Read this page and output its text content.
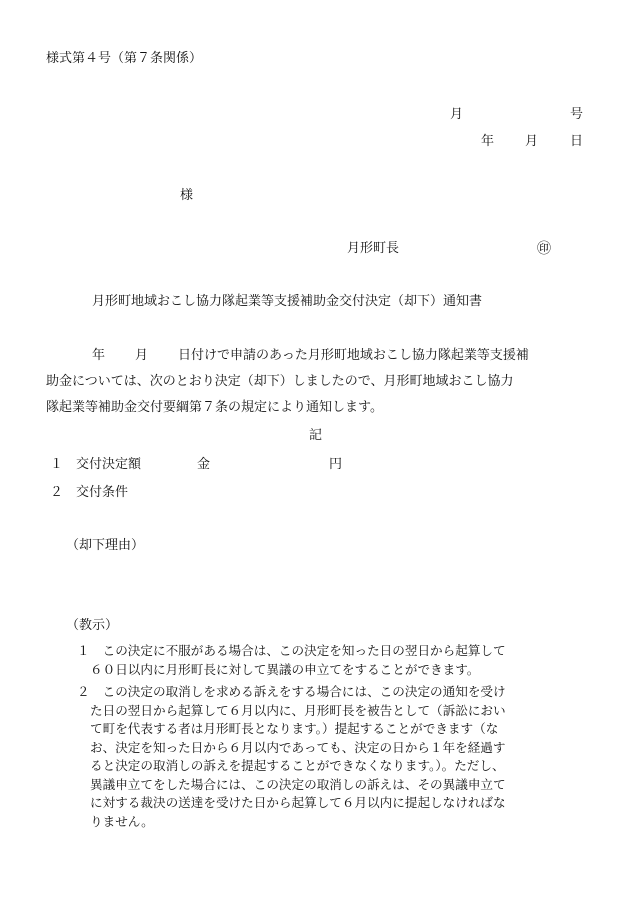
様式第４号（第７条関係）
月	号
年 月 日
様
月形町長	㊞
月形町地域おこし協力隊起業等支援補助金交付決定（却下）通知書
年 月 日付けで申請のあった月形町地域おこし協力隊起業等支援補
助金については、次のとおり決定（却下）しましたので、月形町地域おこし協力
隊起業等補助金交付要綱第７条の規定により通知します。
記
１ 交付決定額	金	円
２ 交付条件
（却下理由）
（教示）
１ 　この決定に不服がある場合は、この決定を知った日の翌日から起算して
６０日以内に月形町長に対して異議の申立てをすることができます。
２ 　この決定の取消しを求める訴えをする場合には、この決定の通知を受け
た日の翌日から起算して６月以内に、月形町長を被告として（訴訟におい
て町を代表する者は月形町長となります。）提起することができます（な
お、決定を知った日から６月以内であっても、決定の日から１年を経過す
ると決定の取消しの訴えを提起することができなくなります。）。ただし、
異議申立てをした場合には、この決定の取消しの訴えは、その異議申立て
に対する裁決の送達を受けた日から起算して６月以内に提起しなければな
りません。
